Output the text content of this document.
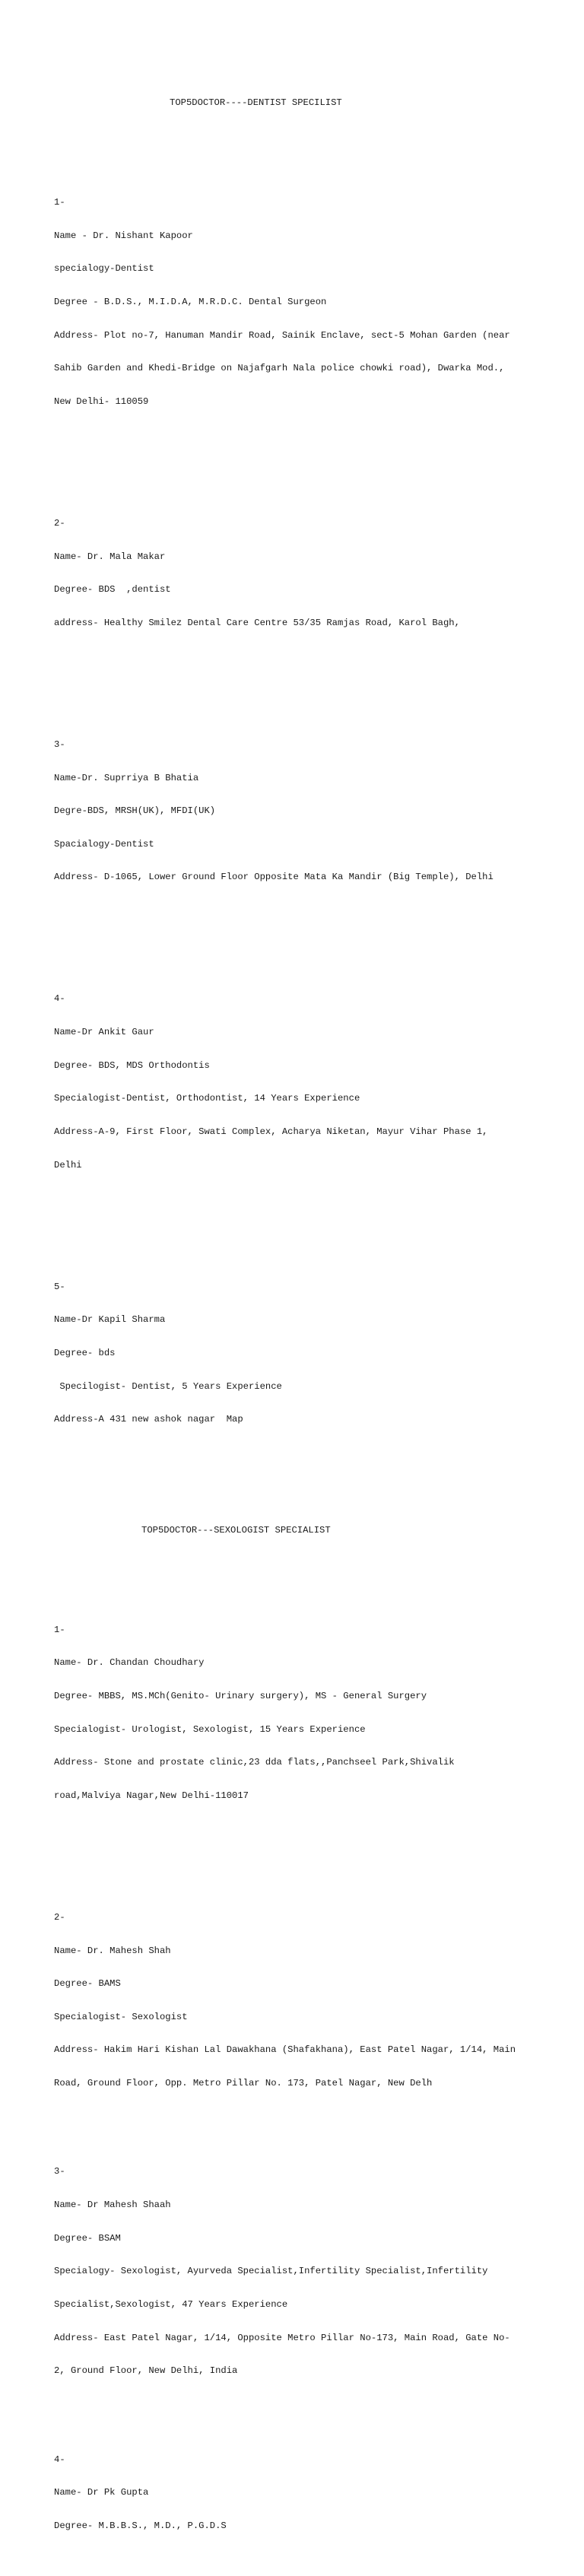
TOP5DOCTOR----DENTIST SPECILIST

1-

Name - Dr. Nishant Kapoor

specialogy-Dentist

Degree - B.D.S., M.I.D.A, M.R.D.C. Dental Surgeon

Address- Plot no-7, Hanuman Mandir Road, Sainik Enclave, sect-5 Mohan Garden (near

Sahib Garden and Khedi-Bridge on Najafgarh Nala police chowki road), Dwarka Mod.,

New Delhi- 110059

2-

Name- Dr. Mala Makar

Degree- BDS  ,dentist

address- Healthy Smilez Dental Care Centre 53/35 Ramjas Road, Karol Bagh,

3-

Name-Dr. Suprriya B Bhatia

Degre-BDS, MRSH(UK), MFDI(UK)

Spacialogy-Dentist

Address- D-1065, Lower Ground Floor Opposite Mata Ka Mandir (Big Temple), Delhi

4-

Name-Dr Ankit Gaur

Degree- BDS, MDS Orthodontis

Specialogist-Dentist, Orthodontist, 14 Years Experience

Address-A-9, First Floor, Swati Complex, Acharya Niketan, Mayur Vihar Phase 1,

Delhi

5-

Name-Dr Kapil Sharma

Degree- bds

Specilogist- Dentist, 5 Years Experience

Address-A 431 new ashok nagar  Map

TOP5DOCTOR---SEXOLOGIST SPECIALIST

1-

Name- Dr. Chandan Choudhary

Degree- MBBS, MS.MCh(Genito- Urinary surgery), MS - General Surgery

Specialogist- Urologist, Sexologist, 15 Years Experience

Address- Stone and prostate clinic,23 dda flats,,Panchseel Park,Shivalik

road,Malviya Nagar,New Delhi-110017

2-

Name- Dr. Mahesh Shah

Degree- BAMS

Specialogist- Sexologist

Address- Hakim Hari Kishan Lal Dawakhana (Shafakhana), East Patel Nagar, 1/14, Main

Road, Ground Floor, Opp. Metro Pillar No. 173, Patel Nagar, New Delh

3-

Name- Dr Mahesh Shaah

Degree- BSAM

Specialogy- Sexologist, Ayurveda Specialist,Infertility Specialist,Infertility

Specialist,Sexologist, 47 Years Experience

Address- East Patel Nagar, 1/14, Opposite Metro Pillar No-173, Main Road, Gate No-

2, Ground Floor, New Delhi, India

4-

Name- Dr Pk Gupta

Degree- M.B.B.S., M.D., P.G.D.S
